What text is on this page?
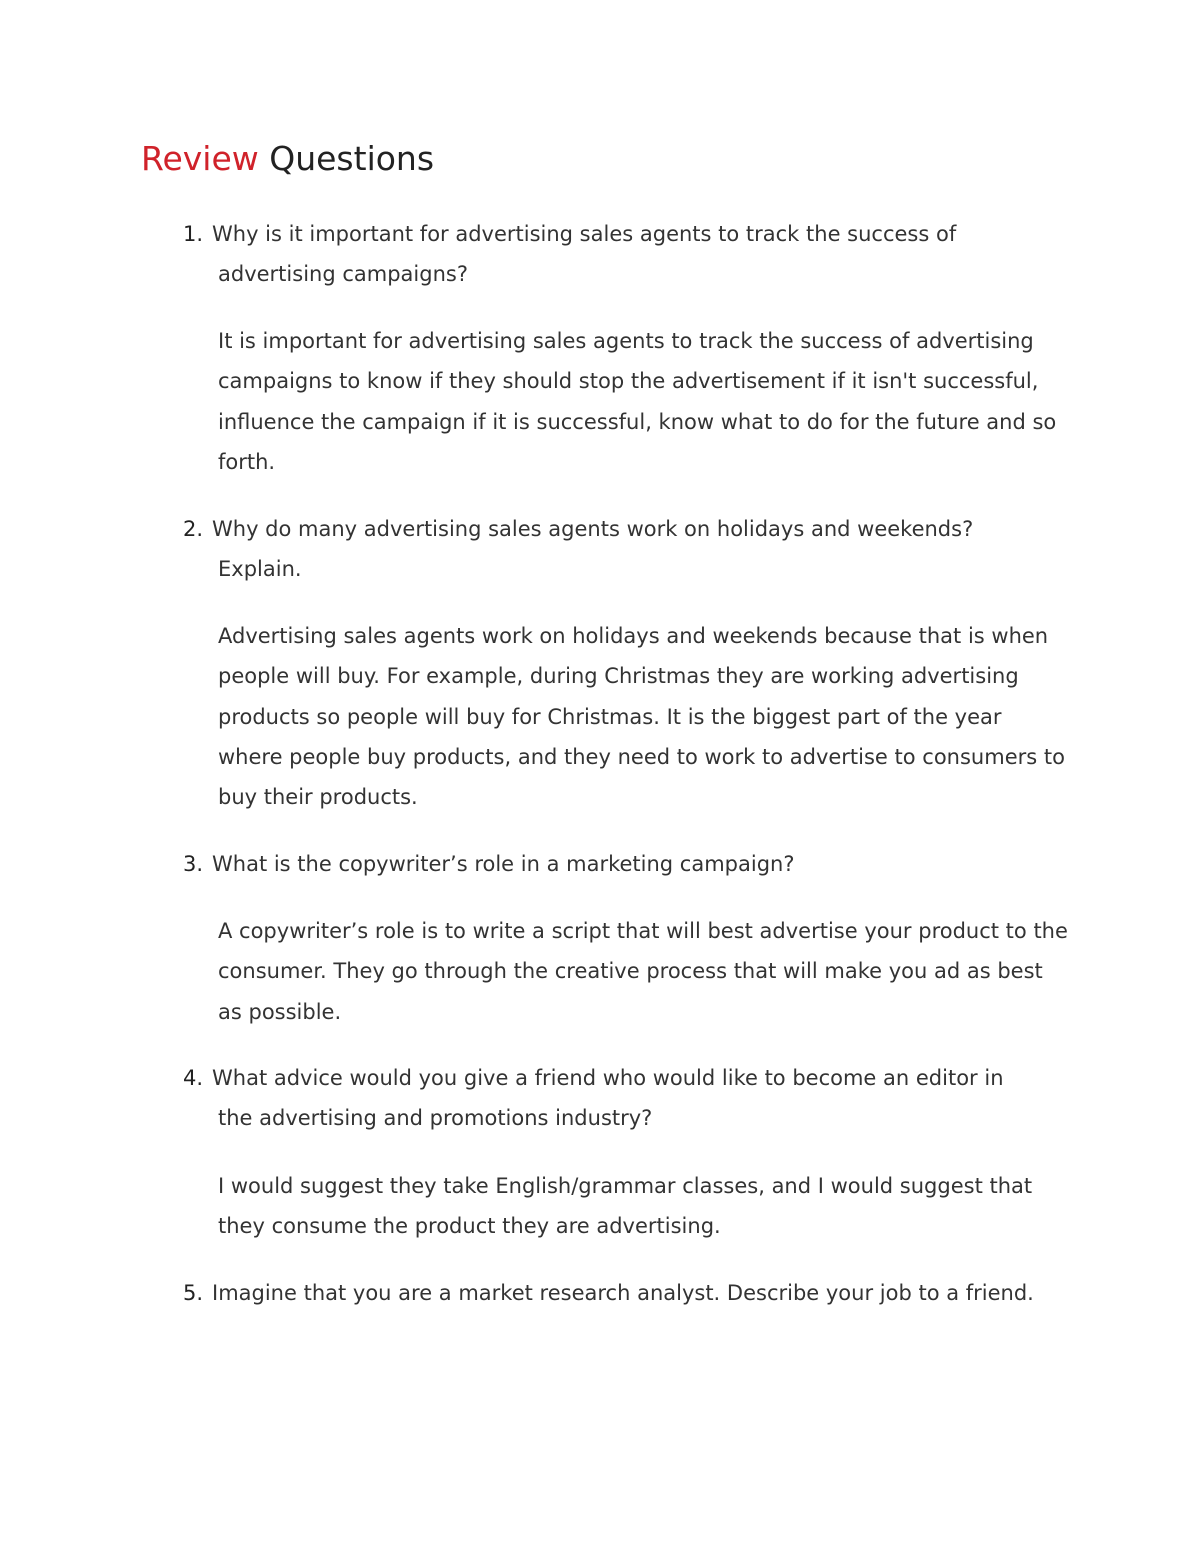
Review Questions
1. Why is it important for advertising sales agents to track the success of
advertising campaigns?

It is important for advertising sales agents to track the success of advertising campaigns to know if they should stop the advertisement if it isn't successful, influence the campaign if it is successful, know what to do for the future and so forth.

2. Why do many advertising sales agents work on holidays and weekends?
Explain.

Advertising sales agents work on holidays and weekends because that is when people will buy. For example, during Christmas they are working advertising products so people will buy for Christmas. It is the biggest part of the year where people buy products, and they need to work to advertise to consumers to buy their products.

3. What is the copywriter’s role in a marketing campaign?

A copywriter’s role is to write a script that will best advertise your product to the consumer. They go through the creative process that will make you ad as best as possible.

4. What advice would you give a friend who would like to become an editor in
the advertising and promotions industry?

I would suggest they take English/grammar classes, and I would suggest that they consume the product they are advertising.

5. Imagine that you are a market research analyst. Describe your job to a friend.
